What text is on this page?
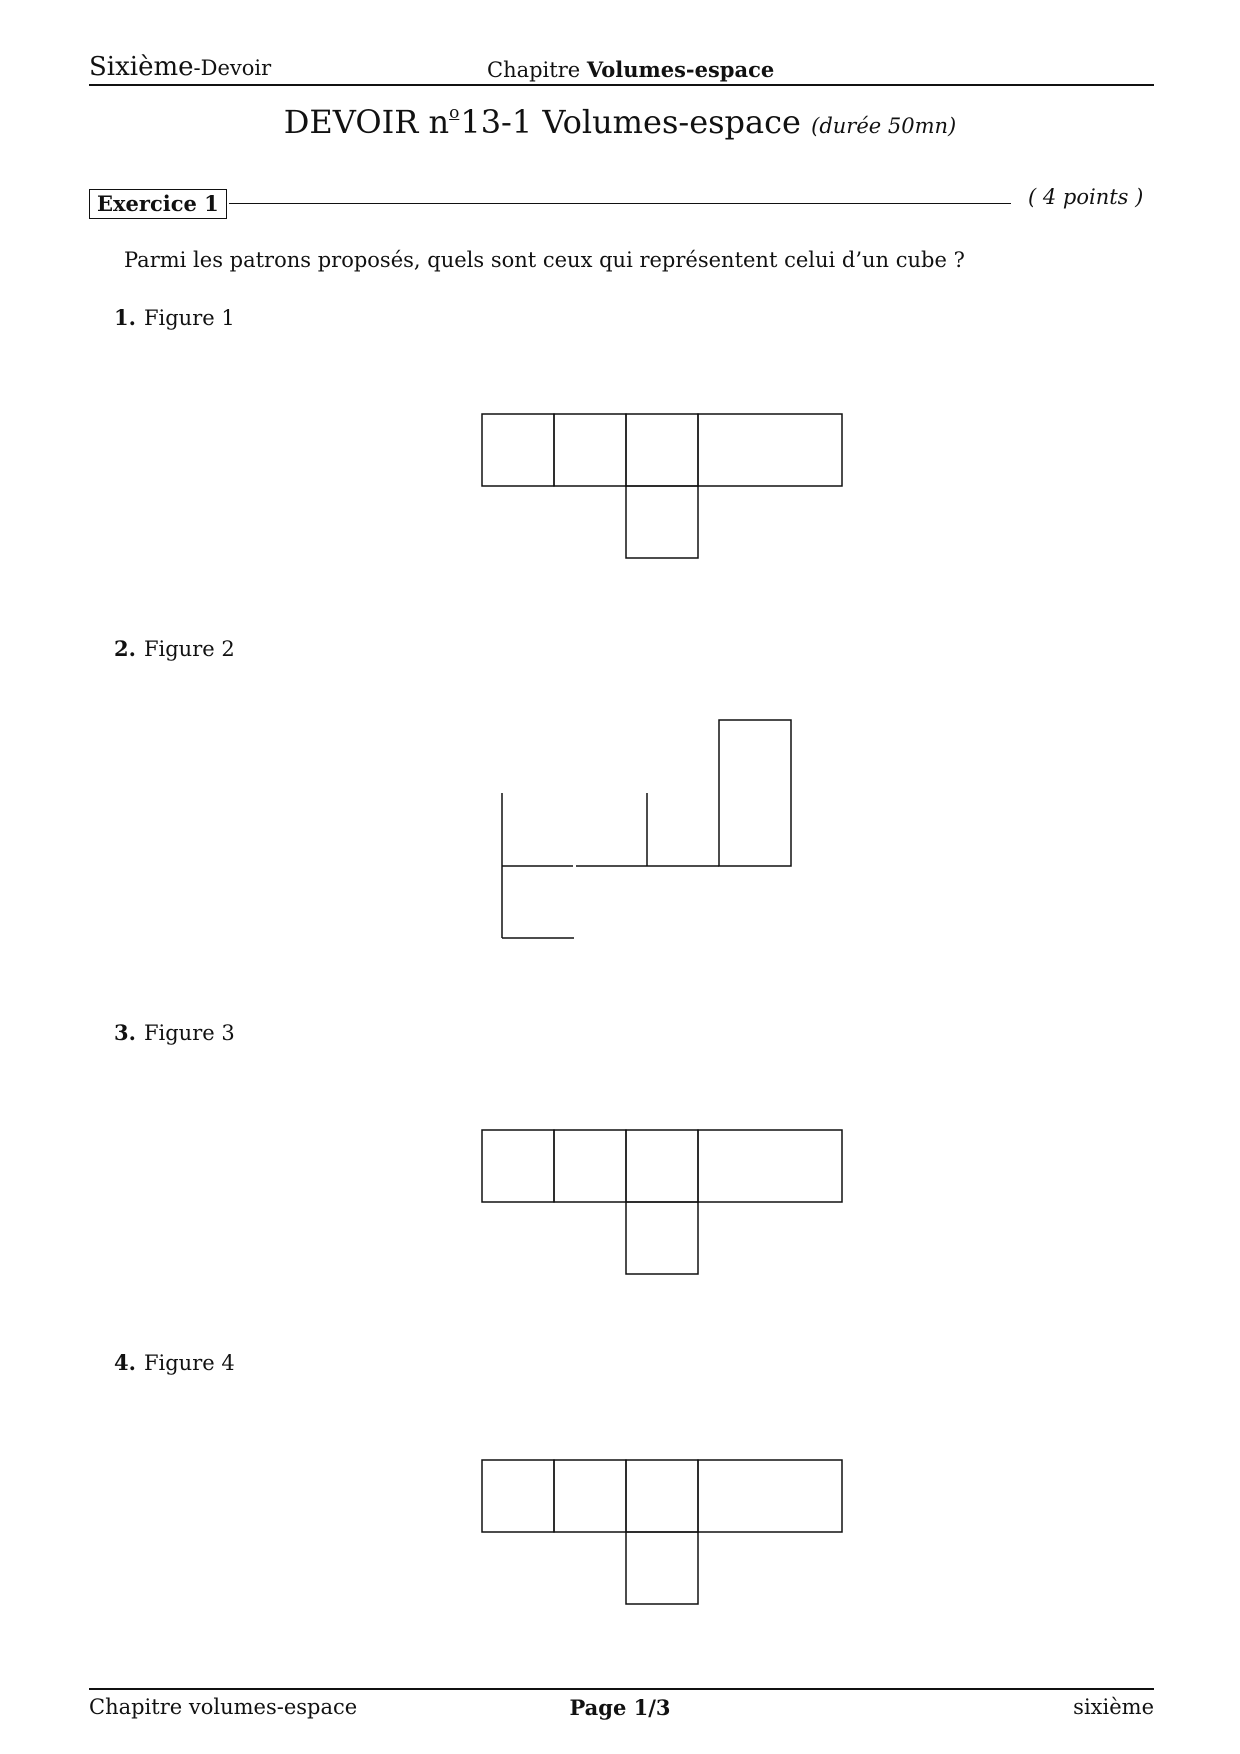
Sixième-Devoir	Chapitre Volumes-espace
DEVOIR $n^o13-1$ Volumes-espace (durée 50mn)
Exercice 1	( 4 points )
Parmi les patrons proposés, quels sont ceux qui représentent celui d’un cube ?
1. Figure 1
2. Figure 2
3. Figure 3
4. Figure 4
Chapitre volumes-espace	Page 1/3	sixième
